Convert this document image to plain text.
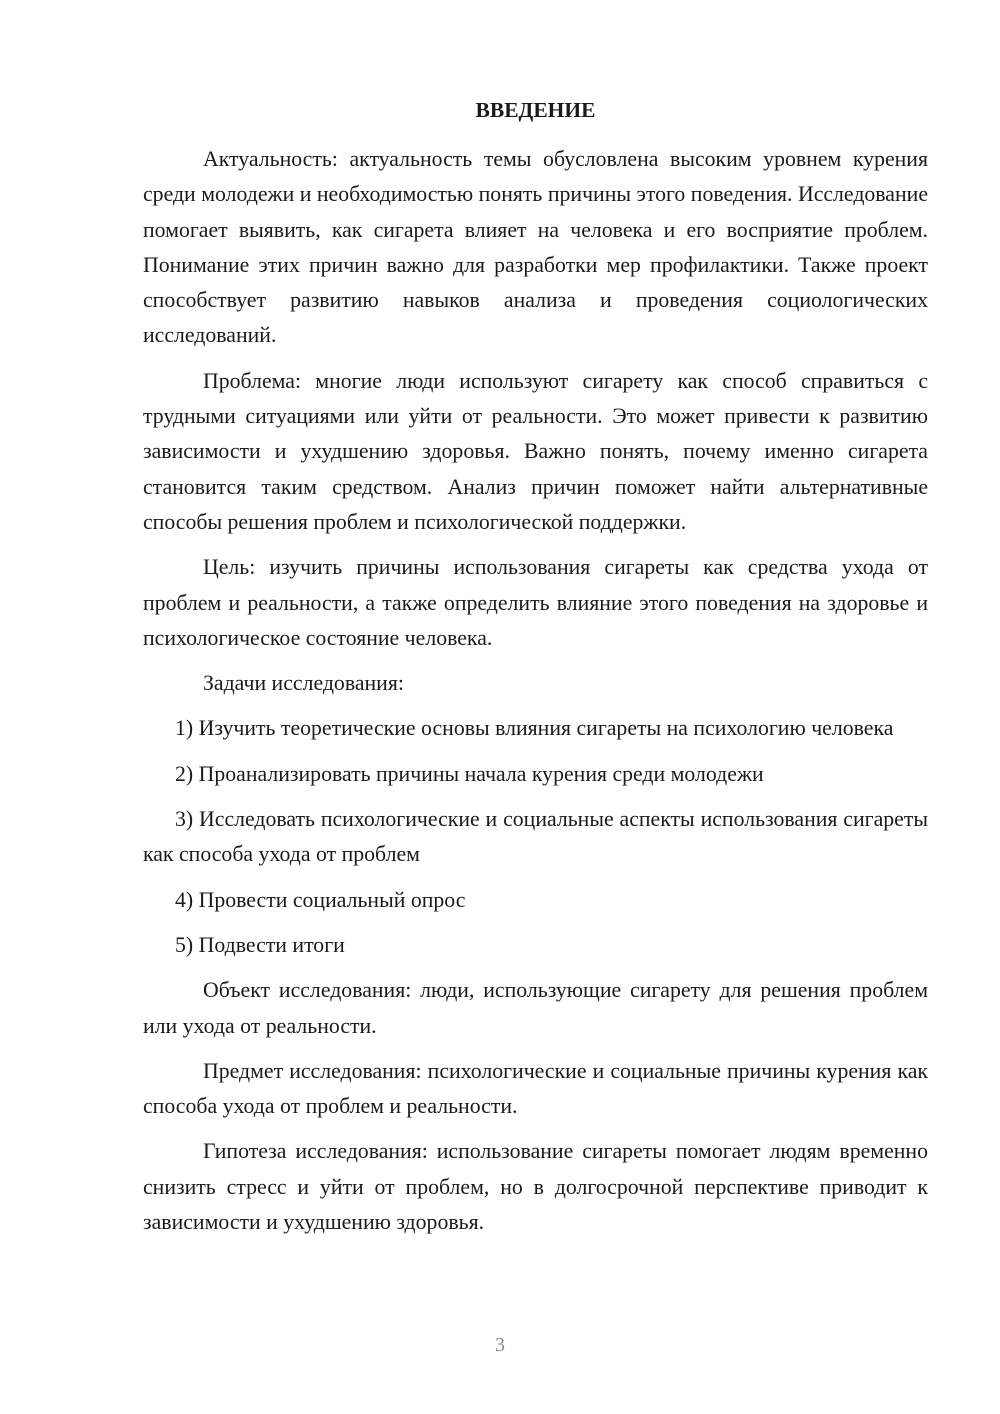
ВВЕДЕНИЕ

Актуальность: актуальность темы обусловлена высоким уровнем курения среди молодежи и необходимостью понять причины этого поведения. Исследование помогает выявить, как сигарета влияет на человека и его восприятие проблем. Понимание этих причин важно для разработки мер профилактики. Также проект способствует развитию навыков анализа и проведения социологических исследований.

Проблема: многие люди используют сигарету как способ справиться с трудными ситуациями или уйти от реальности. Это может привести к развитию зависимости и ухудшению здоровья. Важно понять, почему именно сигарета становится таким средством. Анализ причин поможет найти альтернативные способы решения проблем и психологической поддержки.

Цель: изучить причины использования сигареты как средства ухода от проблем и реальности, а также определить влияние этого поведения на здоровье и психологическое состояние человека.

Задачи исследования:

1) Изучить теоретические основы влияния сигареты на психологию человека

2) Проанализировать причины начала курения среди молодежи

3) Исследовать психологические и социальные аспекты использования сигареты как способа ухода от проблем

4) Провести социальный опрос

5) Подвести итоги

Объект исследования: люди, использующие сигарету для решения проблем или ухода от реальности.

Предмет исследования: психологические и социальные причины курения как способа ухода от проблем и реальности.

Гипотеза исследования: использование сигареты помогает людям временно снизить стресс и уйти от проблем, но в долгосрочной перспективе приводит к зависимости и ухудшению здоровья.

3
